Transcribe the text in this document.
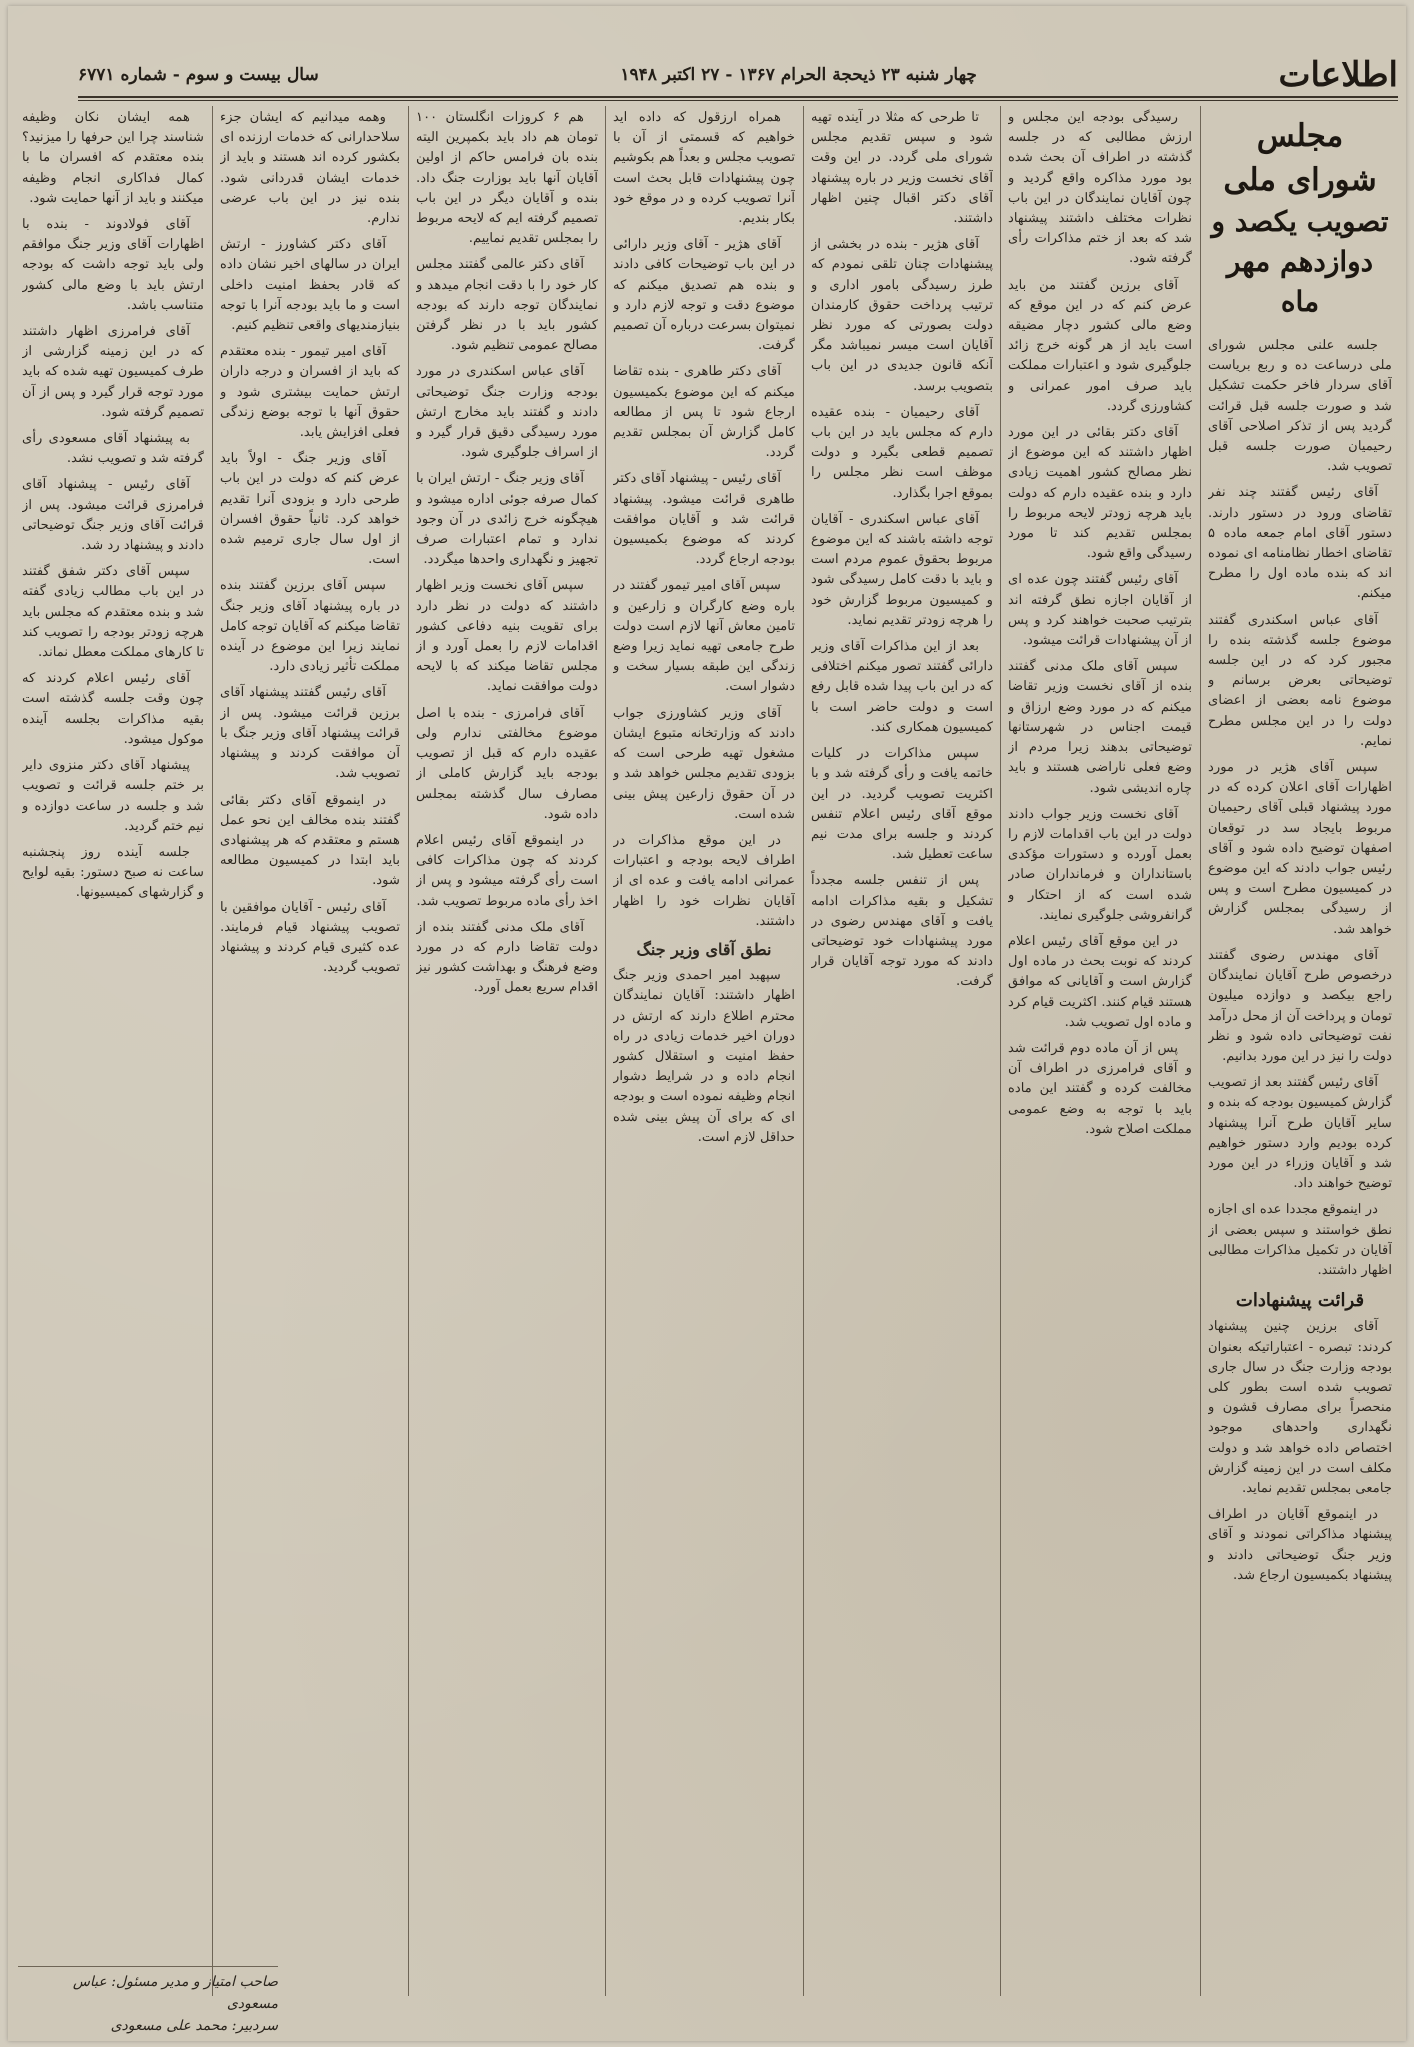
اطلاعات
چهار شنبه ۲۳ ذیحجة الحرام ۱۳۶۷ - ۲۷ اکتبر ۱۹۴۸
سال بیست و سوم - شماره ۶۷۷۱
مجلس شورای ملی
تصویب یکصد و دوازدهم مهر ماه

جلسه علنی مجلس شورای ملی درساعت ده و ربع بریاست آقای سردار فاخر حکمت تشکیل شد و صورت جلسه قبل قرائت گردید پس از تذکر اصلاحی آقای رحیمیان صورت جلسه قبل تصویب شد.

آقای رئیس گفتند چند نفر تقاضای ورود در دستور دارند. دستور آقای امام جمعه ماده ۵ تقاضای اخطار نظامنامه ای نموده اند که بنده ماده اول را مطرح میکنم.

آقای عباس اسکندری گفتند موضوع جلسه گذشته بنده را مجبور کرد که در این جلسه توضیحاتی بعرض برسانم و موضوع نامه بعضی از اعضای دولت را در این مجلس مطرح نمایم.

سپس آقای هژیر در مورد اظهارات آقای اعلان کرده که در مورد پیشنهاد قبلی آقای رحیمیان مربوط بایجاد سد در توقعان اصفهان توضیح داده شود و آقای رئیس جواب دادند که این موضوع در کمیسیون مطرح است و پس از رسیدگی بمجلس گزارش خواهد شد.

آقای مهندس رضوی گفتند درخصوص طرح آقایان نمایندگان راجع بیکصد و دوازده میلیون تومان و پرداخت آن از محل درآمد نفت توضیحاتی داده شود و نظر دولت را نیز در این مورد بدانیم.

آقای رئیس گفتند بعد از تصویب گزارش کمیسیون بودجه که بنده و سایر آقایان طرح آنرا پیشنهاد کرده بودیم وارد دستور خواهیم شد و آقایان وزراء در این مورد توضیح خواهند داد.

در اینموقع مجددا عده ای اجازه نطق خواستند و سپس بعضی از آقایان در تکمیل مذاکرات مطالبی اظهار داشتند.

قرائت پیشنهادات

آقای برزین چنین پیشنهاد کردند: تبصره - اعتباراتیکه بعنوان بودجه وزارت جنگ در سال جاری تصویب شده است بطور کلی منحصراً برای مصارف قشون و نگهداری واحدهای موجود اختصاص داده خواهد شد و دولت مکلف است در این زمینه گزارش جامعی بمجلس تقدیم نماید.

در اینموقع آقایان در اطراف پیشنهاد مذاکراتی نمودند و آقای وزیر جنگ توضیحاتی دادند و پیشنهاد بکمیسیون ارجاع شد.

رسیدگی بودجه این مجلس و ارزش مطالبی که در جلسه گذشته در اطراف آن بحث شده بود مورد مذاکره واقع گردید و چون آقایان نمایندگان در این باب نظرات مختلف داشتند پیشنهاد شد که بعد از ختم مذاکرات رأی گرفته شود.

آقای برزین گفتند من باید عرض کنم که در این موقع که وضع مالی کشور دچار مضیقه است باید از هر گونه خرج زائد جلوگیری شود و اعتبارات مملکت باید صرف امور عمرانی و کشاورزی گردد.

آقای دکتر بقائی در این مورد اظهار داشتند که این موضوع از نظر مصالح کشور اهمیت زیادی دارد و بنده عقیده دارم که دولت باید هرچه زودتر لایحه مربوط را بمجلس تقدیم کند تا مورد رسیدگی واقع شود.

آقای رئیس گفتند چون عده ای از آقایان اجازه نطق گرفته اند بترتیب صحبت خواهند کرد و پس از آن پیشنهادات قرائت میشود.

سپس آقای ملک مدنی گفتند بنده از آقای نخست وزیر تقاضا میکنم که در مورد وضع ارزاق و قیمت اجناس در شهرستانها توضیحاتی بدهند زیرا مردم از وضع فعلی ناراضی هستند و باید چاره اندیشی شود.

آقای نخست وزیر جواب دادند دولت در این باب اقدامات لازم را بعمل آورده و دستورات مؤکدی باستانداران و فرمانداران صادر شده است که از احتکار و گرانفروشی جلوگیری نمایند.

در این موقع آقای رئیس اعلام کردند که نوبت بحث در ماده اول گزارش است و آقایانی که موافق هستند قیام کنند. اکثریت قیام کرد و ماده اول تصویب شد.

پس از آن ماده دوم قرائت شد و آقای فرامرزی در اطراف آن مخالفت کرده و گفتند این ماده باید با توجه به وضع عمومی مملکت اصلاح شود.

تا طرحی که مثلا در آینده تهیه شود و سپس تقدیم مجلس شورای ملی گردد. در این وقت آقای نخست وزیر در باره پیشنهاد آقای دکتر اقبال چنین اظهار داشتند.

آقای هژیر - بنده در بخشی از پیشنهادات چنان تلقی نمودم که طرز رسیدگی بامور اداری و ترتیب پرداخت حقوق کارمندان دولت بصورتی که مورد نظر آقایان است میسر نمیباشد مگر آنکه قانون جدیدی در این باب بتصویب برسد.

آقای رحیمیان - بنده عقیده دارم که مجلس باید در این باب تصمیم قطعی بگیرد و دولت موظف است نظر مجلس را بموقع اجرا بگذارد.

آقای عباس اسکندری - آقایان توجه داشته باشند که این موضوع مربوط بحقوق عموم مردم است و باید با دقت کامل رسیدگی شود و کمیسیون مربوط گزارش خود را هرچه زودتر تقدیم نماید.

بعد از این مذاکرات آقای وزیر دارائی گفتند تصور میکنم اختلافی که در این باب پیدا شده قابل رفع است و دولت حاضر است با کمیسیون همکاری کند.

سپس مذاکرات در کلیات خاتمه یافت و رأی گرفته شد و با اکثریت تصویب گردید. در این موقع آقای رئیس اعلام تنفس کردند و جلسه برای مدت نیم ساعت تعطیل شد.

پس از تنفس جلسه مجدداً تشکیل و بقیه مذاکرات ادامه یافت و آقای مهندس رضوی در مورد پیشنهادات خود توضیحاتی دادند که مورد توجه آقایان قرار گرفت.

همراه ارزقول که داده اید خواهیم که قسمتی از آن با تصویب مجلس و بعداً هم بکوشیم چون پیشنهادات قابل بحث است آنرا تصویب کرده و در موقع خود بکار بندیم.

آقای هژیر - آقای وزیر دارائی در این باب توضیحات کافی دادند و بنده هم تصدیق میکنم که موضوع دقت و توجه لازم دارد و نمیتوان بسرعت درباره آن تصمیم گرفت.

آقای دکتر طاهری - بنده تقاضا میکنم که این موضوع بکمیسیون ارجاع شود تا پس از مطالعه کامل گزارش آن بمجلس تقدیم گردد.

آقای رئیس - پیشنهاد آقای دکتر طاهری قرائت میشود. پیشنهاد قرائت شد و آقایان موافقت کردند که موضوع بکمیسیون بودجه ارجاع گردد.

سپس آقای امیر تیمور گفتند در باره وضع کارگران و زارعین و تامین معاش آنها لازم است دولت طرح جامعی تهیه نماید زیرا وضع زندگی این طبقه بسیار سخت و دشوار است.

آقای وزیر کشاورزی جواب دادند که وزارتخانه متبوع ایشان مشغول تهیه طرحی است که بزودی تقدیم مجلس خواهد شد و در آن حقوق زارعین پیش بینی شده است.

در این موقع مذاکرات در اطراف لایحه بودجه و اعتبارات عمرانی ادامه یافت و عده ای از آقایان نظرات خود را اظهار داشتند.

نطق آقای وزیر جنگ

سپهبد امیر احمدی وزیر جنگ اظهار داشتند: آقایان نمایندگان محترم اطلاع دارند که ارتش در دوران اخیر خدمات زیادی در راه حفظ امنیت و استقلال کشور انجام داده و در شرایط دشوار انجام وظیفه نموده است و بودجه ای که برای آن پیش بینی شده حداقل لازم است.

هم ۶ کروزات انگلستان ۱۰۰ تومان هم داد باید بکمپرین الیته بنده بان فرامس حاکم از اولین آقایان آنها باید بوزارت جنگ داد. بنده و آقایان دیگر در این باب تصمیم گرفته ایم که لایحه مربوط را بمجلس تقدیم نماییم.

آقای دکتر عالمی گفتند مجلس کار خود را با دقت انجام میدهد و نمایندگان توجه دارند که بودجه کشور باید با در نظر گرفتن مصالح عمومی تنظیم شود.

آقای عباس اسکندری در مورد بودجه وزارت جنگ توضیحاتی دادند و گفتند باید مخارج ارتش مورد رسیدگی دقیق قرار گیرد و از اسراف جلوگیری شود.

آقای وزیر جنگ - ارتش ایران با کمال صرفه جوئی اداره میشود و هیچگونه خرج زائدی در آن وجود ندارد و تمام اعتبارات صرف تجهیز و نگهداری واحدها میگردد.

سپس آقای نخست وزیر اظهار داشتند که دولت در نظر دارد برای تقویت بنیه دفاعی کشور اقدامات لازم را بعمل آورد و از مجلس تقاضا میکند که با لایحه دولت موافقت نماید.

آقای فرامرزی - بنده با اصل موضوع مخالفتی ندارم ولی عقیده دارم که قبل از تصویب بودجه باید گزارش کاملی از مصارف سال گذشته بمجلس داده شود.

در اینموقع آقای رئیس اعلام کردند که چون مذاکرات کافی است رأی گرفته میشود و پس از اخذ رأی ماده مربوط تصویب شد.

آقای ملک مدنی گفتند بنده از دولت تقاضا دارم که در مورد وضع فرهنگ و بهداشت کشور نیز اقدام سریع بعمل آورد.

وهمه میدانیم که ایشان جزء سلاحدارانی که خدمات ارزنده ای بکشور کرده اند هستند و باید از خدمات ایشان قدردانی شود. بنده نیز در این باب عرضی ندارم.

آقای دکتر کشاورز - ارتش ایران در سالهای اخیر نشان داده که قادر بحفظ امنیت داخلی است و ما باید بودجه آنرا با توجه بنیازمندیهای واقعی تنظیم کنیم.

آقای امیر تیمور - بنده معتقدم که باید از افسران و درجه داران ارتش حمایت بیشتری شود و حقوق آنها با توجه بوضع زندگی فعلی افزایش یابد.

آقای وزیر جنگ - اولاً باید عرض کنم که دولت در این باب طرحی دارد و بزودی آنرا تقدیم خواهد کرد. ثانیاً حقوق افسران از اول سال جاری ترمیم شده است.

سپس آقای برزین گفتند بنده در باره پیشنهاد آقای وزیر جنگ تقاضا میکنم که آقایان توجه کامل نمایند زیرا این موضوع در آینده مملکت تأثیر زیادی دارد.

آقای رئیس گفتند پیشنهاد آقای برزین قرائت میشود. پس از قرائت پیشنهاد آقای وزیر جنگ با آن موافقت کردند و پیشنهاد تصویب شد.

در اینموقع آقای دکتر بقائی گفتند بنده مخالف این نحو عمل هستم و معتقدم که هر پیشنهادی باید ابتدا در کمیسیون مطالعه شود.

آقای رئیس - آقایان موافقین با تصویب پیشنهاد قیام فرمایند. عده کثیری قیام کردند و پیشنهاد تصویب گردید.

همه ایشان نکان وظیفه شناسند چرا این حرفها را میزنید؟ بنده معتقدم که افسران ما با کمال فداکاری انجام وظیفه میکنند و باید از آنها حمایت شود.

آقای فولادوند - بنده با اظهارات آقای وزیر جنگ موافقم ولی باید توجه داشت که بودجه ارتش باید با وضع مالی کشور متناسب باشد.

آقای فرامرزی اظهار داشتند که در این زمینه گزارشی از طرف کمیسیون تهیه شده که باید مورد توجه قرار گیرد و پس از آن تصمیم گرفته شود.

به پیشنهاد آقای مسعودی رأی گرفته شد و تصویب نشد.

آقای رئیس - پیشنهاد آقای فرامرزی قرائت میشود. پس از قرائت آقای وزیر جنگ توضیحاتی دادند و پیشنهاد رد شد.

سپس آقای دکتر شفق گفتند در این باب مطالب زیادی گفته شد و بنده معتقدم که مجلس باید هرچه زودتر بودجه را تصویب کند تا کارهای مملکت معطل نماند.

آقای رئیس اعلام کردند که چون وقت جلسه گذشته است بقیه مذاکرات بجلسه آینده موکول میشود.

پیشنهاد آقای دکتر منزوی دایر بر ختم جلسه قرائت و تصویب شد و جلسه در ساعت دوازده و نیم ختم گردید.

جلسه آینده روز پنجشنبه ساعت نه صبح دستور: بقیه لوایح و گزارشهای کمیسیونها.

صاحب امتیاز و مدیر مسئول: عباس مسعودی
سردبیر: محمد علی مسعودی
